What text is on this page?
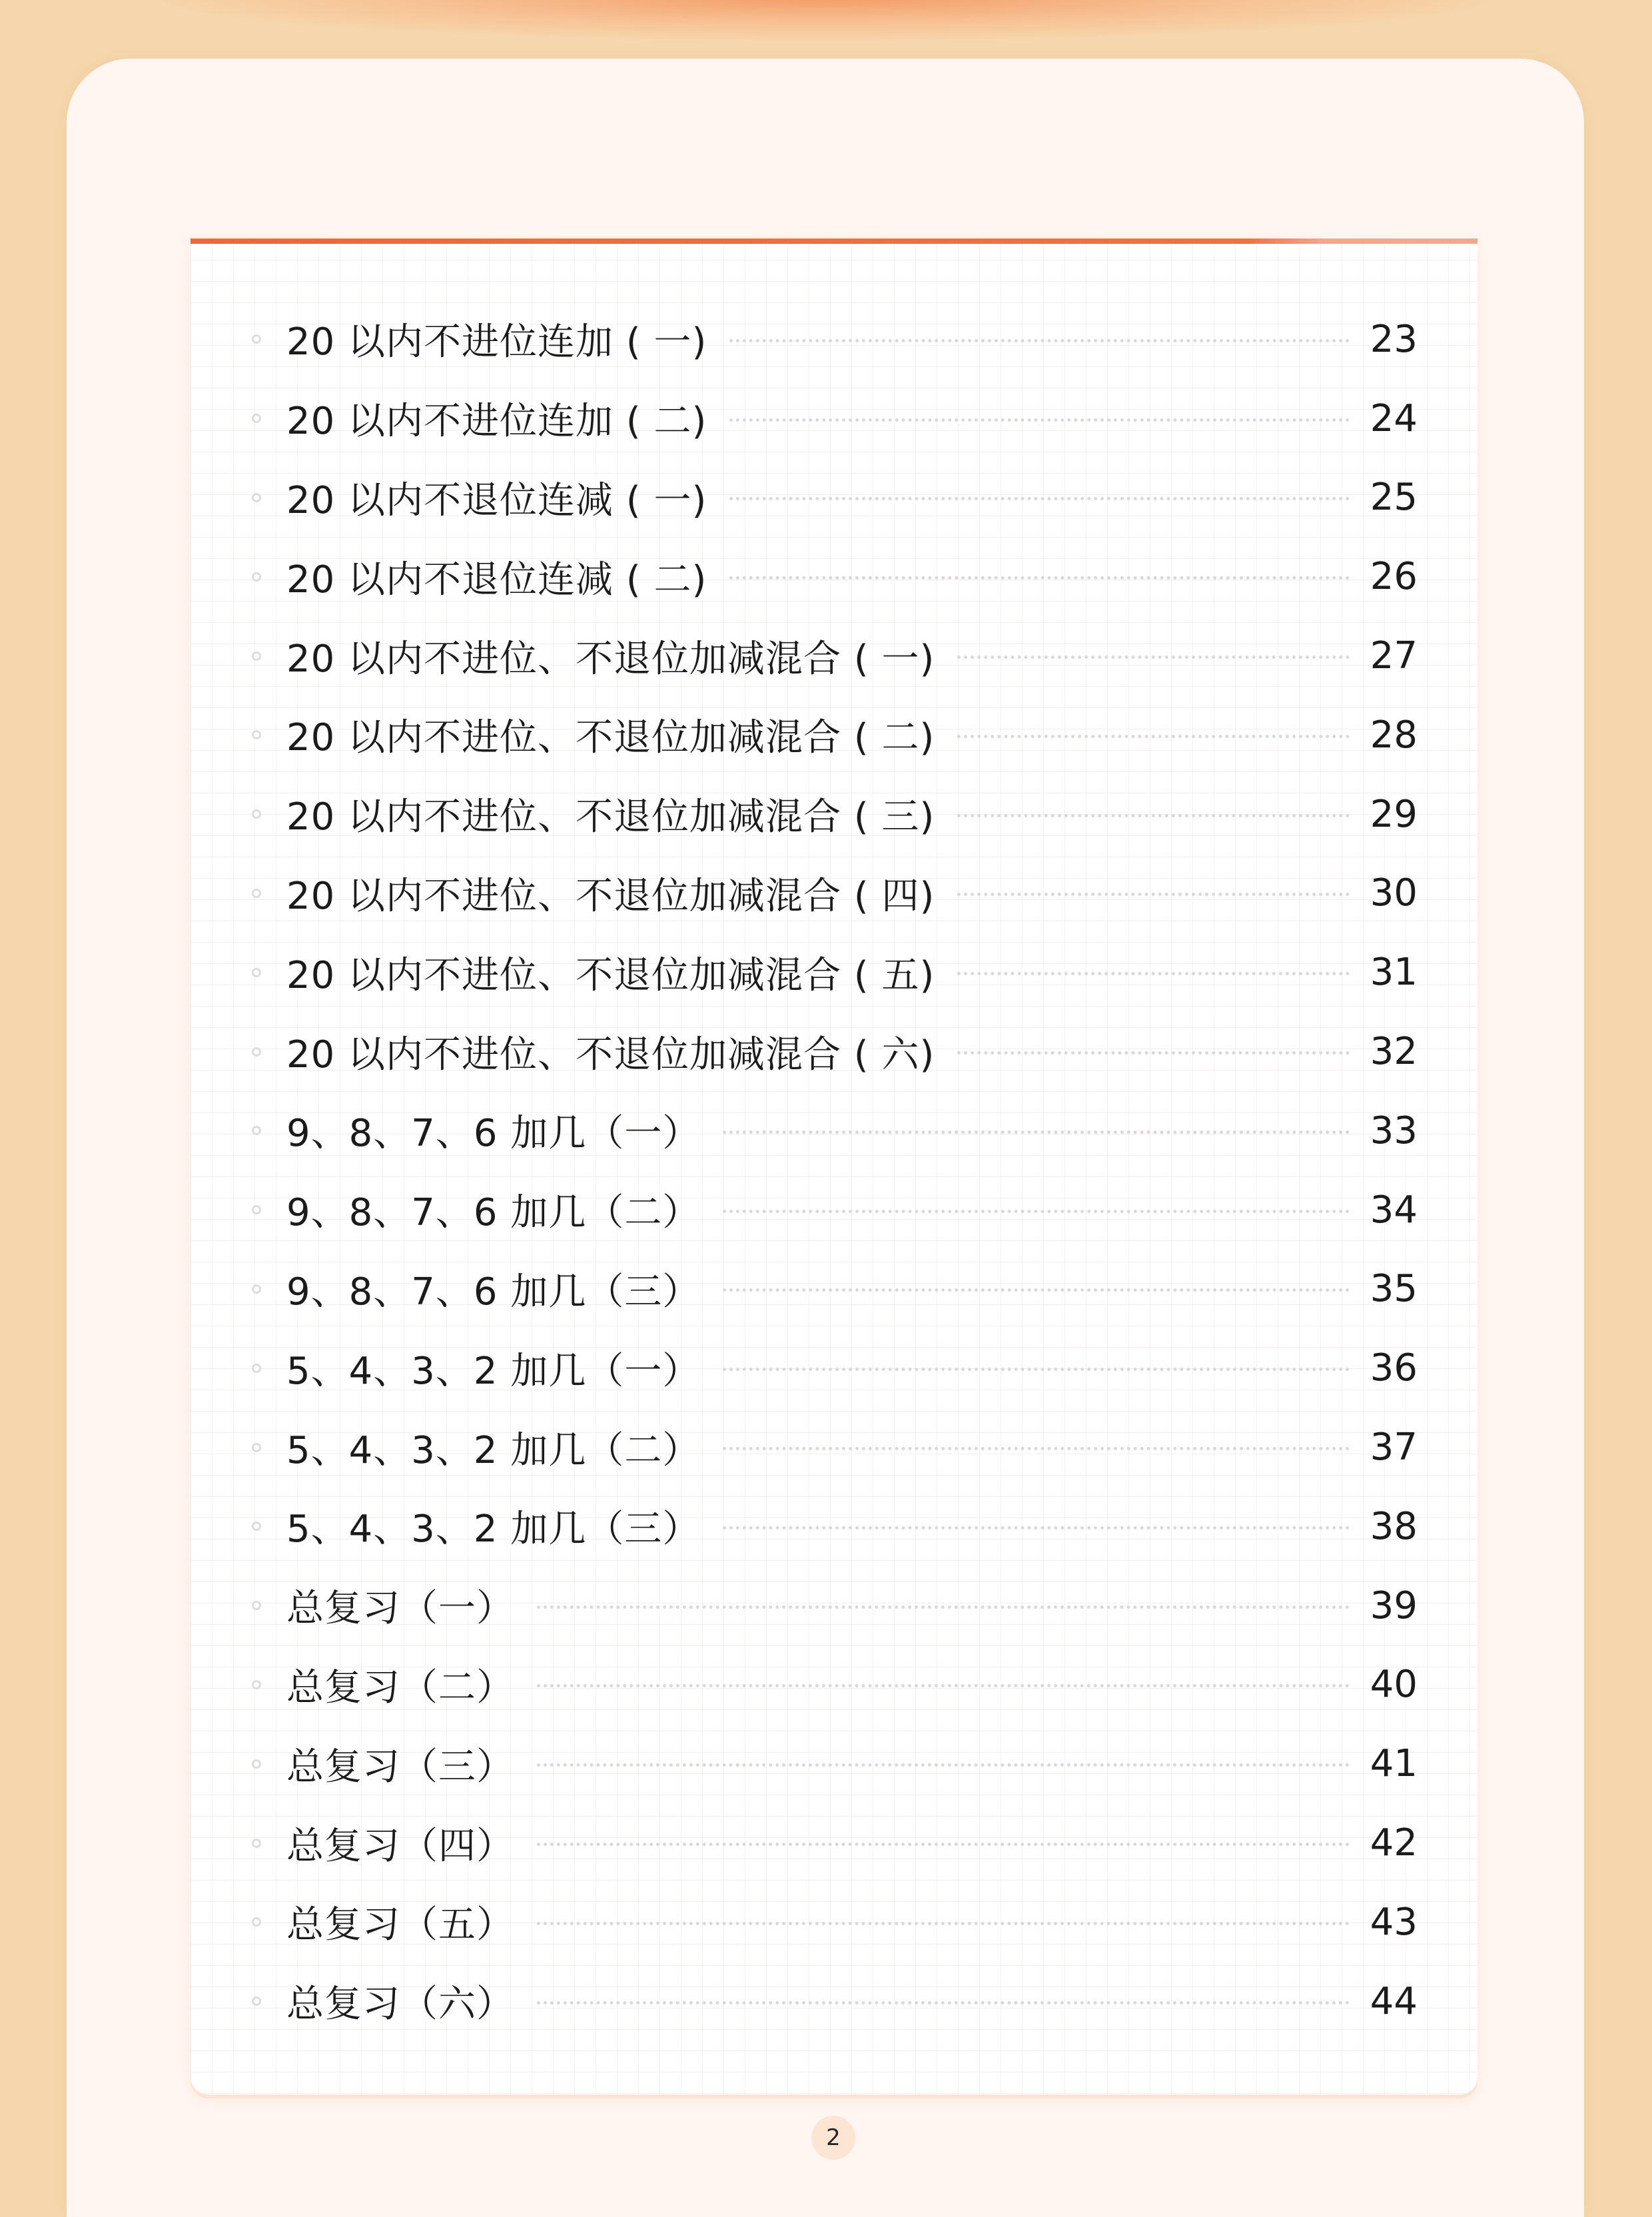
20 以内不进位连加 ( 一)	23
20 以内不进位连加 ( 二)	24
20 以内不退位连减 ( 一)	25
20 以内不退位连减 ( 二)	26
20 以内不进位、不退位加减混合 ( 一)	27
20 以内不进位、不退位加减混合 ( 二)	28
20 以内不进位、不退位加减混合 ( 三)	29
20 以内不进位、不退位加减混合 ( 四)	30
20 以内不进位、不退位加减混合 ( 五)	31
20 以内不进位、不退位加减混合 ( 六)	32
9、8、7、6 加几（一）	33
9、8、7、6 加几（二）	34
9、8、7、6 加几（三）	35
5、4、3、2 加几（一）	36
5、4、3、2 加几（二）	37
5、4、3、2 加几（三）	38
总复习（一）	39
总复习（二）	40
总复习（三）	41
总复习（四）	42
总复习（五）	43
总复习（六）	44
2
